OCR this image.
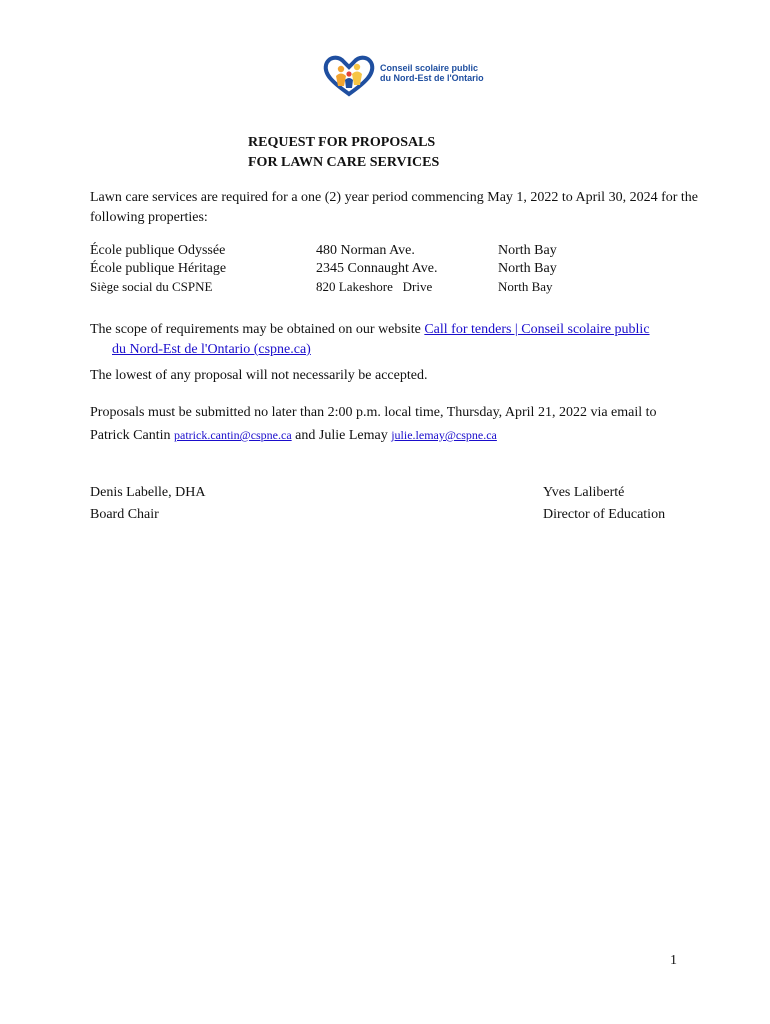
Conseil scolaire public
du Nord-Est de l'Ontario
REQUEST FOR PROPOSALS
FOR LAWN CARE SERVICES
Lawn care services are required for a one (2) year period commencing May 1, 2022 to April 30, 2024 for the following properties:
École publique Odyssée	480 Norman Ave.	North Bay
École publique Héritage	2345 Connaught Ave.	North Bay
Siège social du CSPNE	820 Lakeshore   Drive	North Bay
The scope of requirements may be obtained on our website Call for tenders | Conseil scolaire public
du Nord-Est de l'Ontario (cspne.ca)
The lowest of any proposal will not necessarily be accepted.
Proposals must be submitted no later than 2:00 p.m. local time, Thursday, April 21, 2022 via email to
Patrick Cantin patrick.cantin@cspne.ca and Julie Lemay julie.lemay@cspne.ca
Denis Labelle, DHA
Board Chair
Yves Laliberté
Director of Education
1
